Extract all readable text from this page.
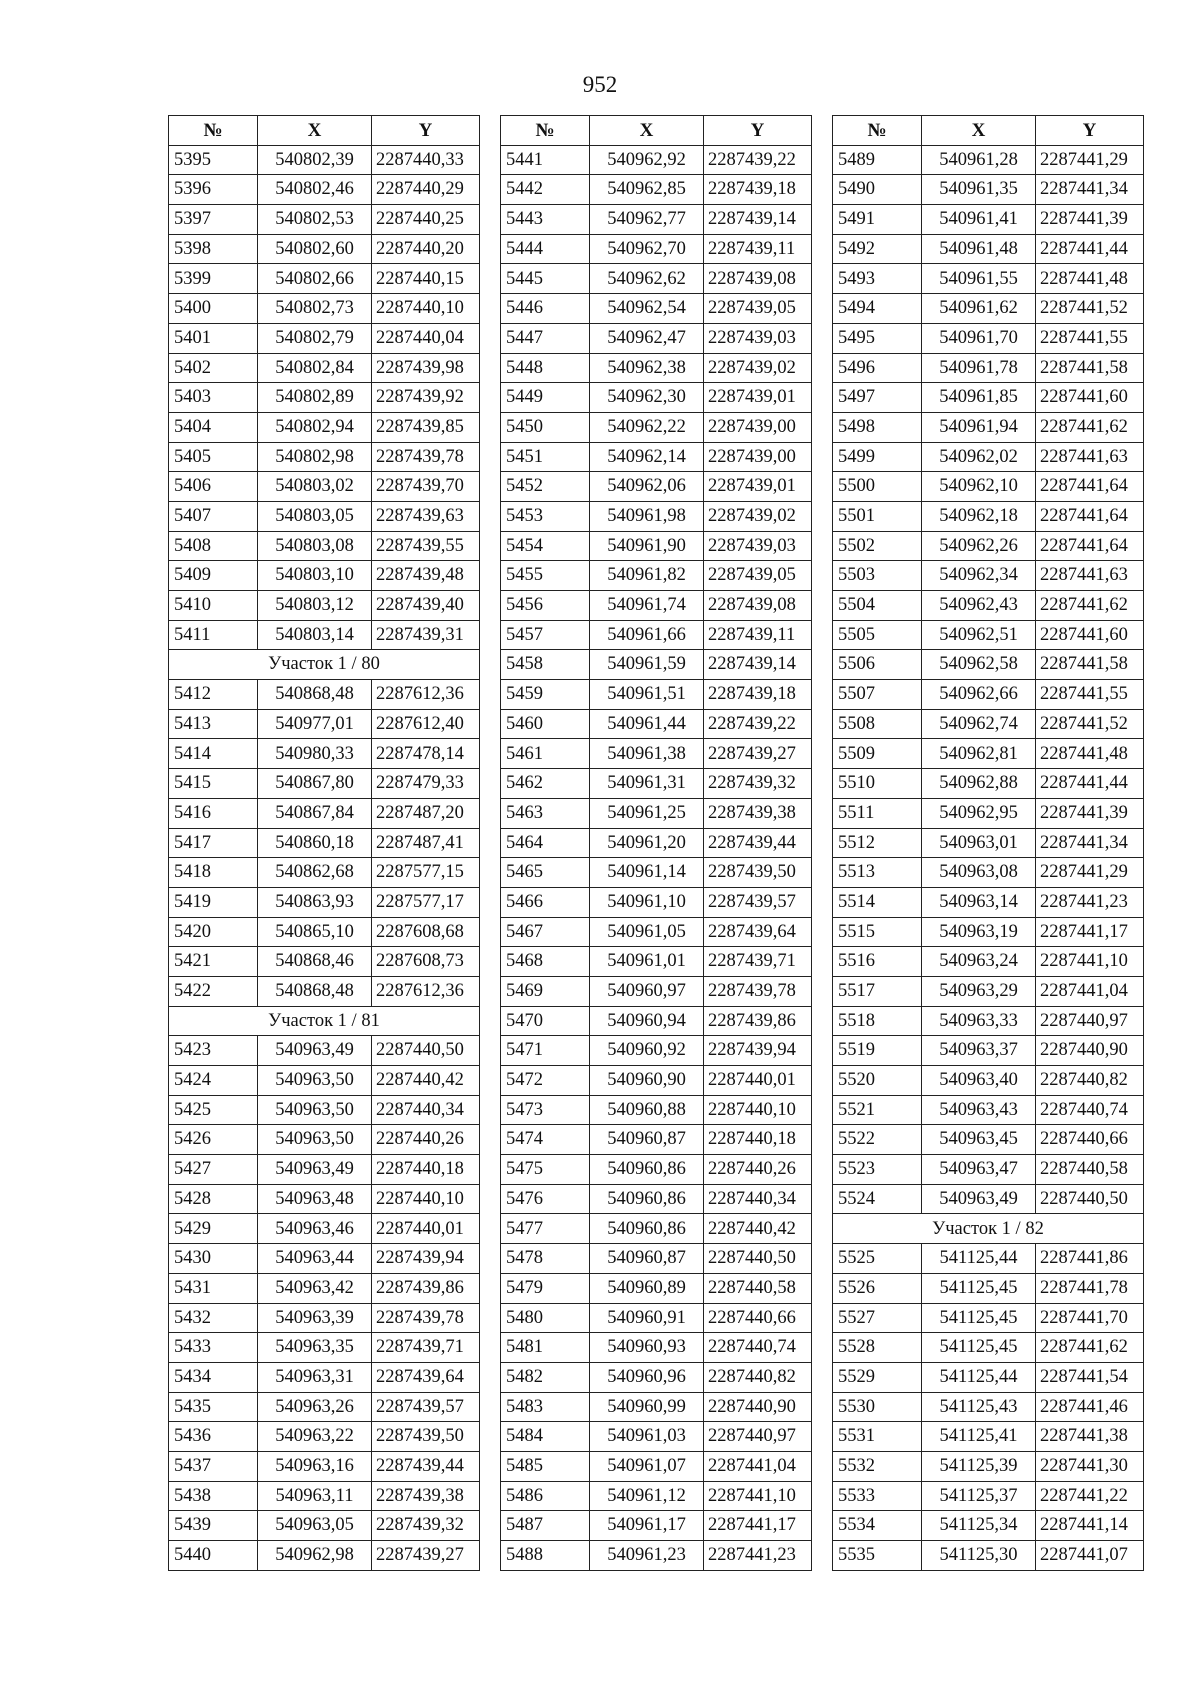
952
№	X	Y
5395	540802,39	2287440,33
5396	540802,46	2287440,29
5397	540802,53	2287440,25
5398	540802,60	2287440,20
5399	540802,66	2287440,15
5400	540802,73	2287440,10
5401	540802,79	2287440,04
5402	540802,84	2287439,98
5403	540802,89	2287439,92
5404	540802,94	2287439,85
5405	540802,98	2287439,78
5406	540803,02	2287439,70
5407	540803,05	2287439,63
5408	540803,08	2287439,55
5409	540803,10	2287439,48
5410	540803,12	2287439,40
5411	540803,14	2287439,31
Участок 1 / 80		
5412	540868,48	2287612,36
5413	540977,01	2287612,40
5414	540980,33	2287478,14
5415	540867,80	2287479,33
5416	540867,84	2287487,20
5417	540860,18	2287487,41
5418	540862,68	2287577,15
5419	540863,93	2287577,17
5420	540865,10	2287608,68
5421	540868,46	2287608,73
5422	540868,48	2287612,36
Участок 1 / 81		
5423	540963,49	2287440,50
5424	540963,50	2287440,42
5425	540963,50	2287440,34
5426	540963,50	2287440,26
5427	540963,49	2287440,18
5428	540963,48	2287440,10
5429	540963,46	2287440,01
5430	540963,44	2287439,94
5431	540963,42	2287439,86
5432	540963,39	2287439,78
5433	540963,35	2287439,71
5434	540963,31	2287439,64
5435	540963,26	2287439,57
5436	540963,22	2287439,50
5437	540963,16	2287439,44
5438	540963,11	2287439,38
5439	540963,05	2287439,32
5440	540962,98	2287439,27
№	X	Y
5441	540962,92	2287439,22
5442	540962,85	2287439,18
5443	540962,77	2287439,14
5444	540962,70	2287439,11
5445	540962,62	2287439,08
5446	540962,54	2287439,05
5447	540962,47	2287439,03
5448	540962,38	2287439,02
5449	540962,30	2287439,01
5450	540962,22	2287439,00
5451	540962,14	2287439,00
5452	540962,06	2287439,01
5453	540961,98	2287439,02
5454	540961,90	2287439,03
5455	540961,82	2287439,05
5456	540961,74	2287439,08
5457	540961,66	2287439,11
5458	540961,59	2287439,14
5459	540961,51	2287439,18
5460	540961,44	2287439,22
5461	540961,38	2287439,27
5462	540961,31	2287439,32
5463	540961,25	2287439,38
5464	540961,20	2287439,44
5465	540961,14	2287439,50
5466	540961,10	2287439,57
5467	540961,05	2287439,64
5468	540961,01	2287439,71
5469	540960,97	2287439,78
5470	540960,94	2287439,86
5471	540960,92	2287439,94
5472	540960,90	2287440,01
5473	540960,88	2287440,10
5474	540960,87	2287440,18
5475	540960,86	2287440,26
5476	540960,86	2287440,34
5477	540960,86	2287440,42
5478	540960,87	2287440,50
5479	540960,89	2287440,58
5480	540960,91	2287440,66
5481	540960,93	2287440,74
5482	540960,96	2287440,82
5483	540960,99	2287440,90
5484	540961,03	2287440,97
5485	540961,07	2287441,04
5486	540961,12	2287441,10
5487	540961,17	2287441,17
5488	540961,23	2287441,23
№	X	Y
5489	540961,28	2287441,29
5490	540961,35	2287441,34
5491	540961,41	2287441,39
5492	540961,48	2287441,44
5493	540961,55	2287441,48
5494	540961,62	2287441,52
5495	540961,70	2287441,55
5496	540961,78	2287441,58
5497	540961,85	2287441,60
5498	540961,94	2287441,62
5499	540962,02	2287441,63
5500	540962,10	2287441,64
5501	540962,18	2287441,64
5502	540962,26	2287441,64
5503	540962,34	2287441,63
5504	540962,43	2287441,62
5505	540962,51	2287441,60
5506	540962,58	2287441,58
5507	540962,66	2287441,55
5508	540962,74	2287441,52
5509	540962,81	2287441,48
5510	540962,88	2287441,44
5511	540962,95	2287441,39
5512	540963,01	2287441,34
5513	540963,08	2287441,29
5514	540963,14	2287441,23
5515	540963,19	2287441,17
5516	540963,24	2287441,10
5517	540963,29	2287441,04
5518	540963,33	2287440,97
5519	540963,37	2287440,90
5520	540963,40	2287440,82
5521	540963,43	2287440,74
5522	540963,45	2287440,66
5523	540963,47	2287440,58
5524	540963,49	2287440,50
Участок 1 / 82		
5525	541125,44	2287441,86
5526	541125,45	2287441,78
5527	541125,45	2287441,70
5528	541125,45	2287441,62
5529	541125,44	2287441,54
5530	541125,43	2287441,46
5531	541125,41	2287441,38
5532	541125,39	2287441,30
5533	541125,37	2287441,22
5534	541125,34	2287441,14
5535	541125,30	2287441,07
